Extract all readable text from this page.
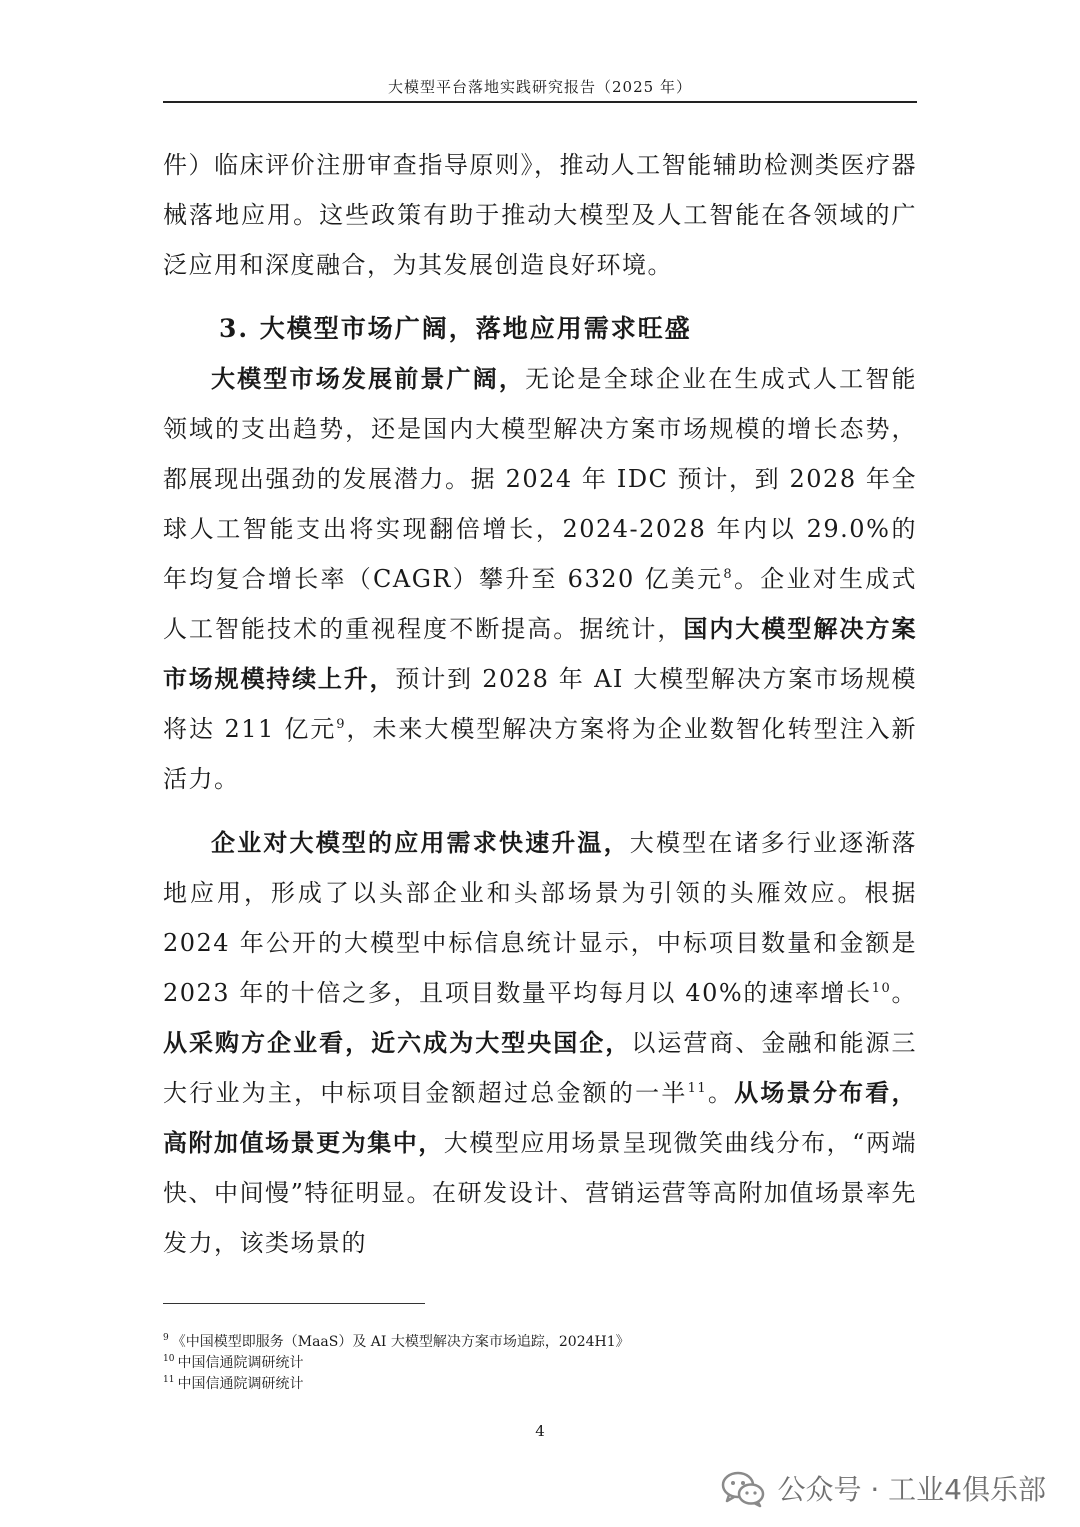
大模型平台落地实践研究报告（2025 年）

件）临床评价注册审查指导原则》，推动人工智能辅助检测类医疗器械落地应用。这些政策有助于推动大模型及人工智能在各领域的广泛应用和深度融合，为其发展创造良好环境。

3. 大模型市场广阔，落地应用需求旺盛

大模型市场发展前景广阔，无论是全球企业在生成式人工智能领域的支出趋势，还是国内大模型解决方案市场规模的增长态势，都展现出强劲的发展潜力。据 2024 年 IDC 预计，到 2028 年全球人工智能支出将实现翻倍增长，2024-2028 年内以 29.0%的年均复合增长率（CAGR）攀升至 6320 亿美元$^8$。企业对生成式人工智能技术的重视程度不断提高。据统计，国内大模型解决方案市场规模持续上升，预计到 2028 年 AI 大模型解决方案市场规模将达 211 亿元$^9$，未来大模型解决方案将为企业数智化转型注入新活力。

企业对大模型的应用需求快速升温，大模型在诸多行业逐渐落地应用，形成了以头部企业和头部场景为引领的头雁效应。根据 2024 年公开的大模型中标信息统计显示，中标项目数量和金额是 2023 年的十倍之多，且项目数量平均每月以 40%的速率增长$^{10}$。从采购方企业看，近六成为大型央国企，以运营商、金融和能源三大行业为主，中标项目金额超过总金额的一半$^{11}$。从场景分布看，高附加值场景更为集中，大模型应用场景呈现微笑曲线分布，“两端快、中间慢”特征明显。在研发设计、营销运营等高附加值场景率先发力，该类场景的

$^9$ 《中国模型即服务（MaaS）及 AI 大模型解决方案市场追踪，2024H1》
$^{10}$ 中国信通院调研统计
$^{11}$ 中国信通院调研统计
4
公众号 · 工业4俱乐部
